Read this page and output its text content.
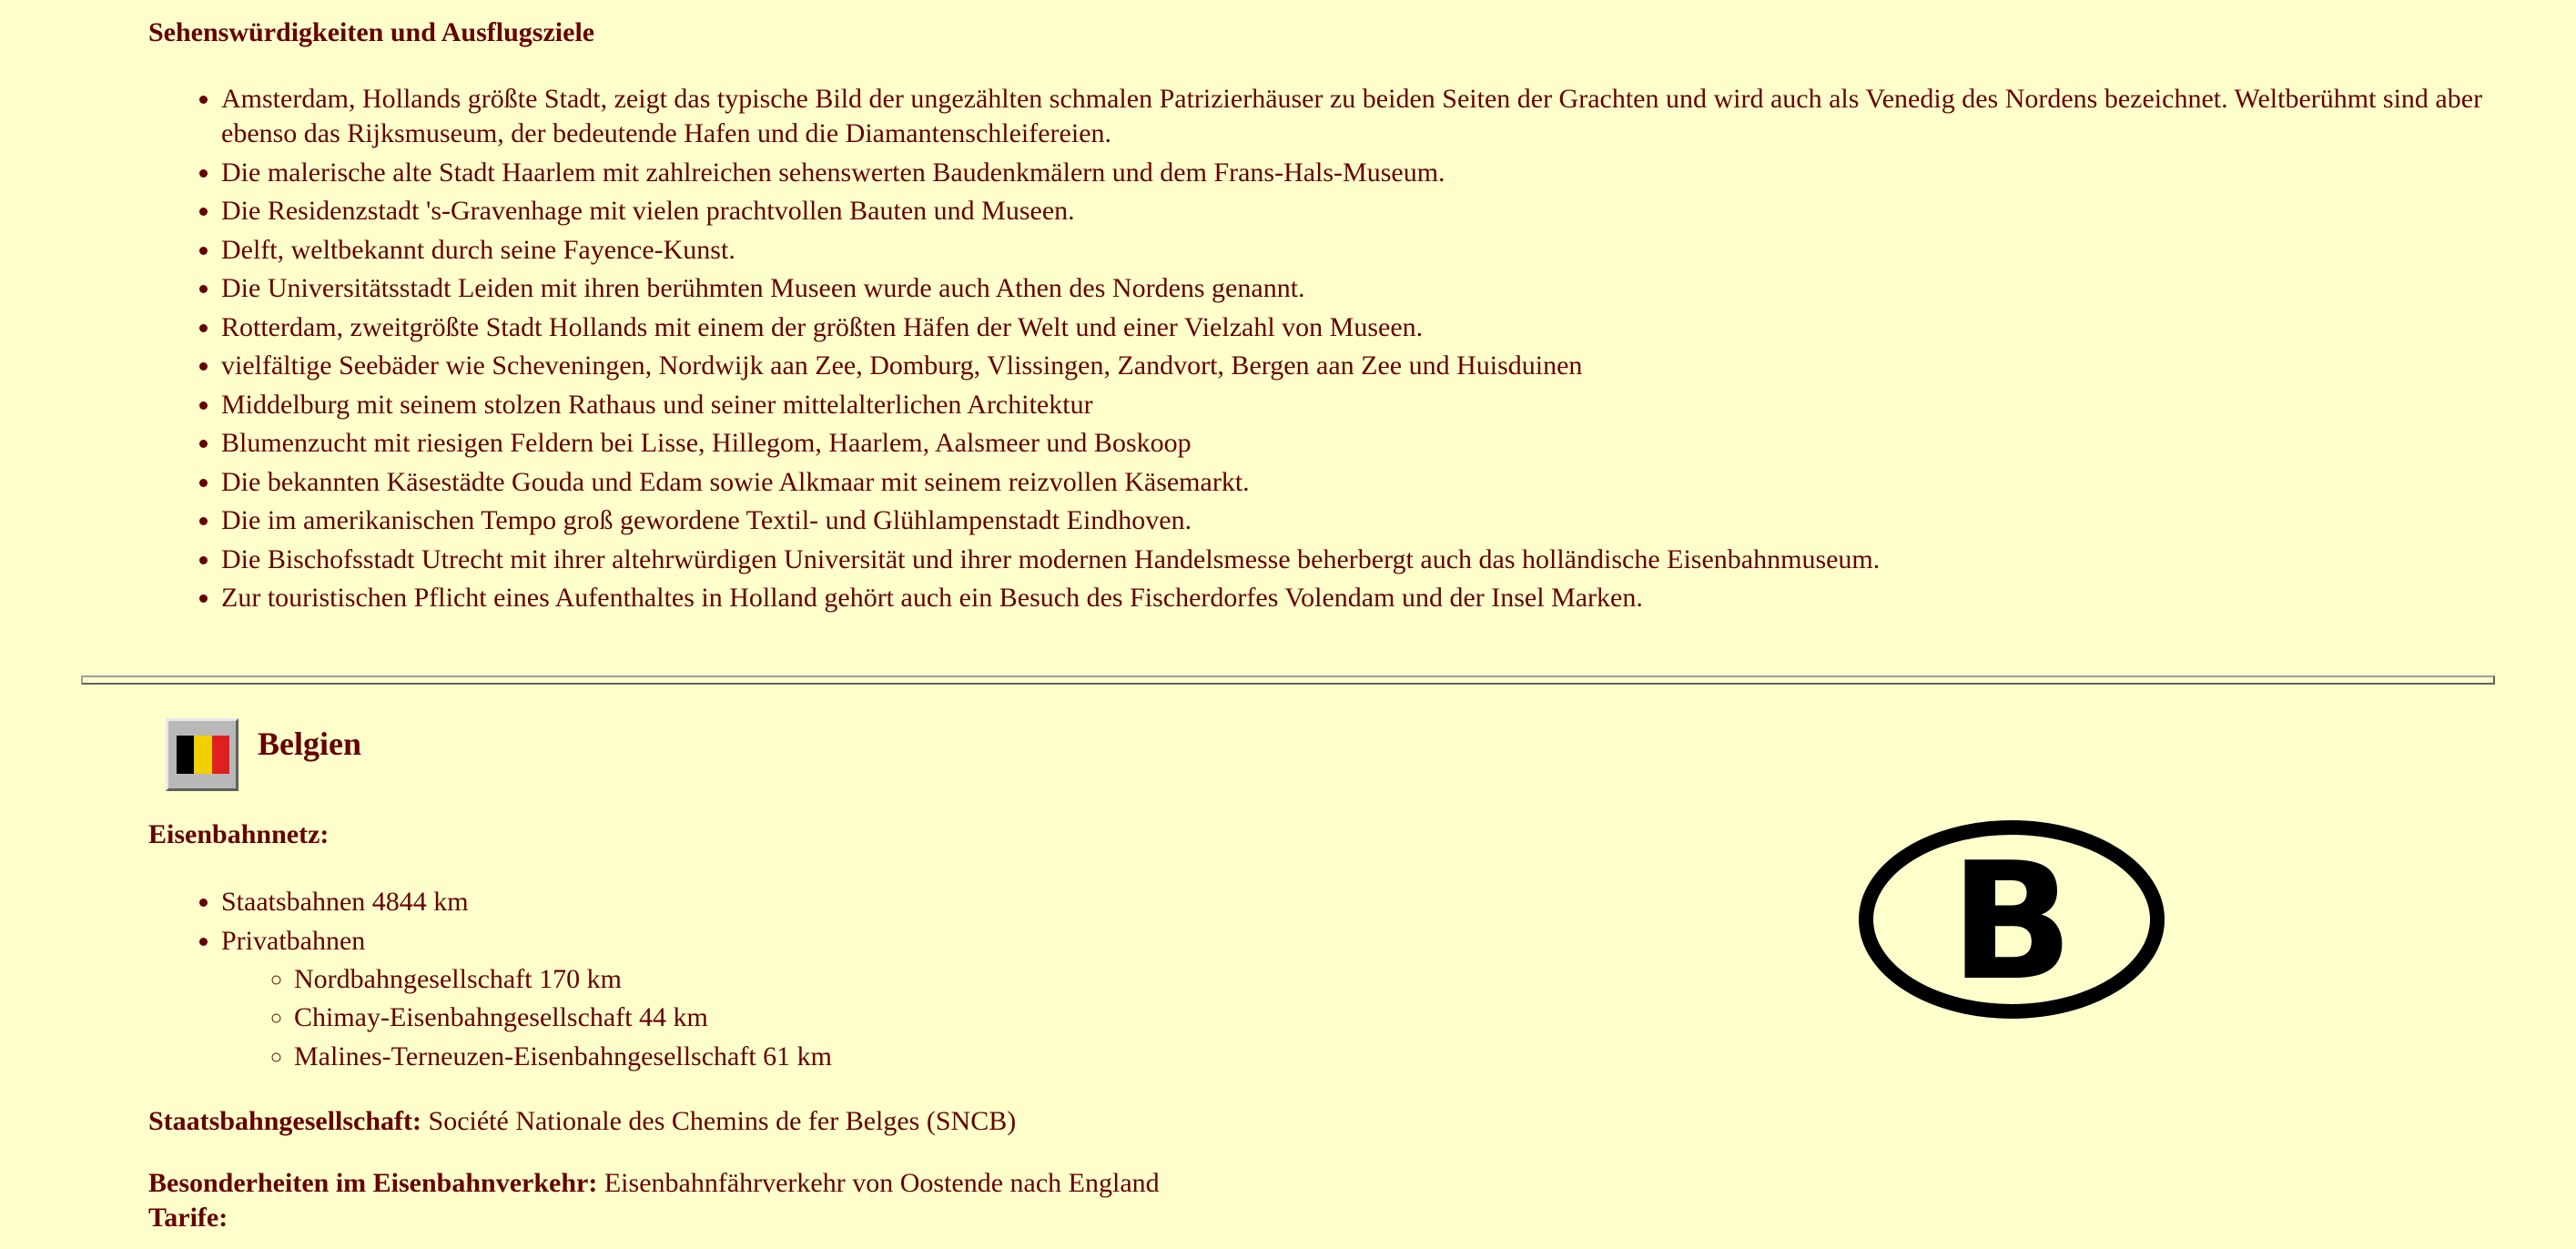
Sehenswürdigkeiten und Ausflugsziele
• Amsterdam, Hollands größte Stadt, zeigt das typische Bild der ungezählten schmalen Patrizierhäuser zu beiden Seiten der Grachten und wird auch als Venedig des Nordens bezeichnet. Weltberühmt sind aber ebenso das Rijksmuseum, der bedeutende Hafen und die Diamantenschleifereien.
• Die malerische alte Stadt Haarlem mit zahlreichen sehenswerten Baudenkmälern und dem Frans-Hals-Museum.
• Die Residenzstadt 's-Gravenhage mit vielen prachtvollen Bauten und Museen.
• Delft, weltbekannt durch seine Fayence-Kunst.
• Die Universitätsstadt Leiden mit ihren berühmten Museen wurde auch Athen des Nordens genannt.
• Rotterdam, zweitgrößte Stadt Hollands mit einem der größten Häfen der Welt und einer Vielzahl von Museen.
• vielfältige Seebäder wie Scheveningen, Nordwijk aan Zee, Domburg, Vlissingen, Zandvort, Bergen aan Zee und Huisduinen
• Middelburg mit seinem stolzen Rathaus und seiner mittelalterlichen Architektur
• Blumenzucht mit riesigen Feldern bei Lisse, Hillegom, Haarlem, Aalsmeer und Boskoop
• Die bekannten Käsestädte Gouda und Edam sowie Alkmaar mit seinem reizvollen Käsemarkt.
• Die im amerikanischen Tempo groß gewordene Textil- und Glühlampenstadt Eindhoven.
• Die Bischofsstadt Utrecht mit ihrer altehrwürdigen Universität und ihrer modernen Handelsmesse beherbergt auch das holländische Eisenbahnmuseum.
• Zur touristischen Pflicht eines Aufenthaltes in Holland gehört auch ein Besuch des Fischerdorfes Volendam und der Insel Marken.
Belgien
Eisenbahnnetz:
• Staatsbahnen 4844 km
• Privatbahnen
◦ Nordbahngesellschaft 170 km
◦ Chimay-Eisenbahngesellschaft 44 km
◦ Malines-Terneuzen-Eisenbahngesellschaft 61 km
Staatsbahngesellschaft: Société Nationale des Chemins de fer Belges (SNCB)
Besonderheiten im Eisenbahnverkehr: Eisenbahnfährverkehr von Oostende nach England
Tarife:
B
